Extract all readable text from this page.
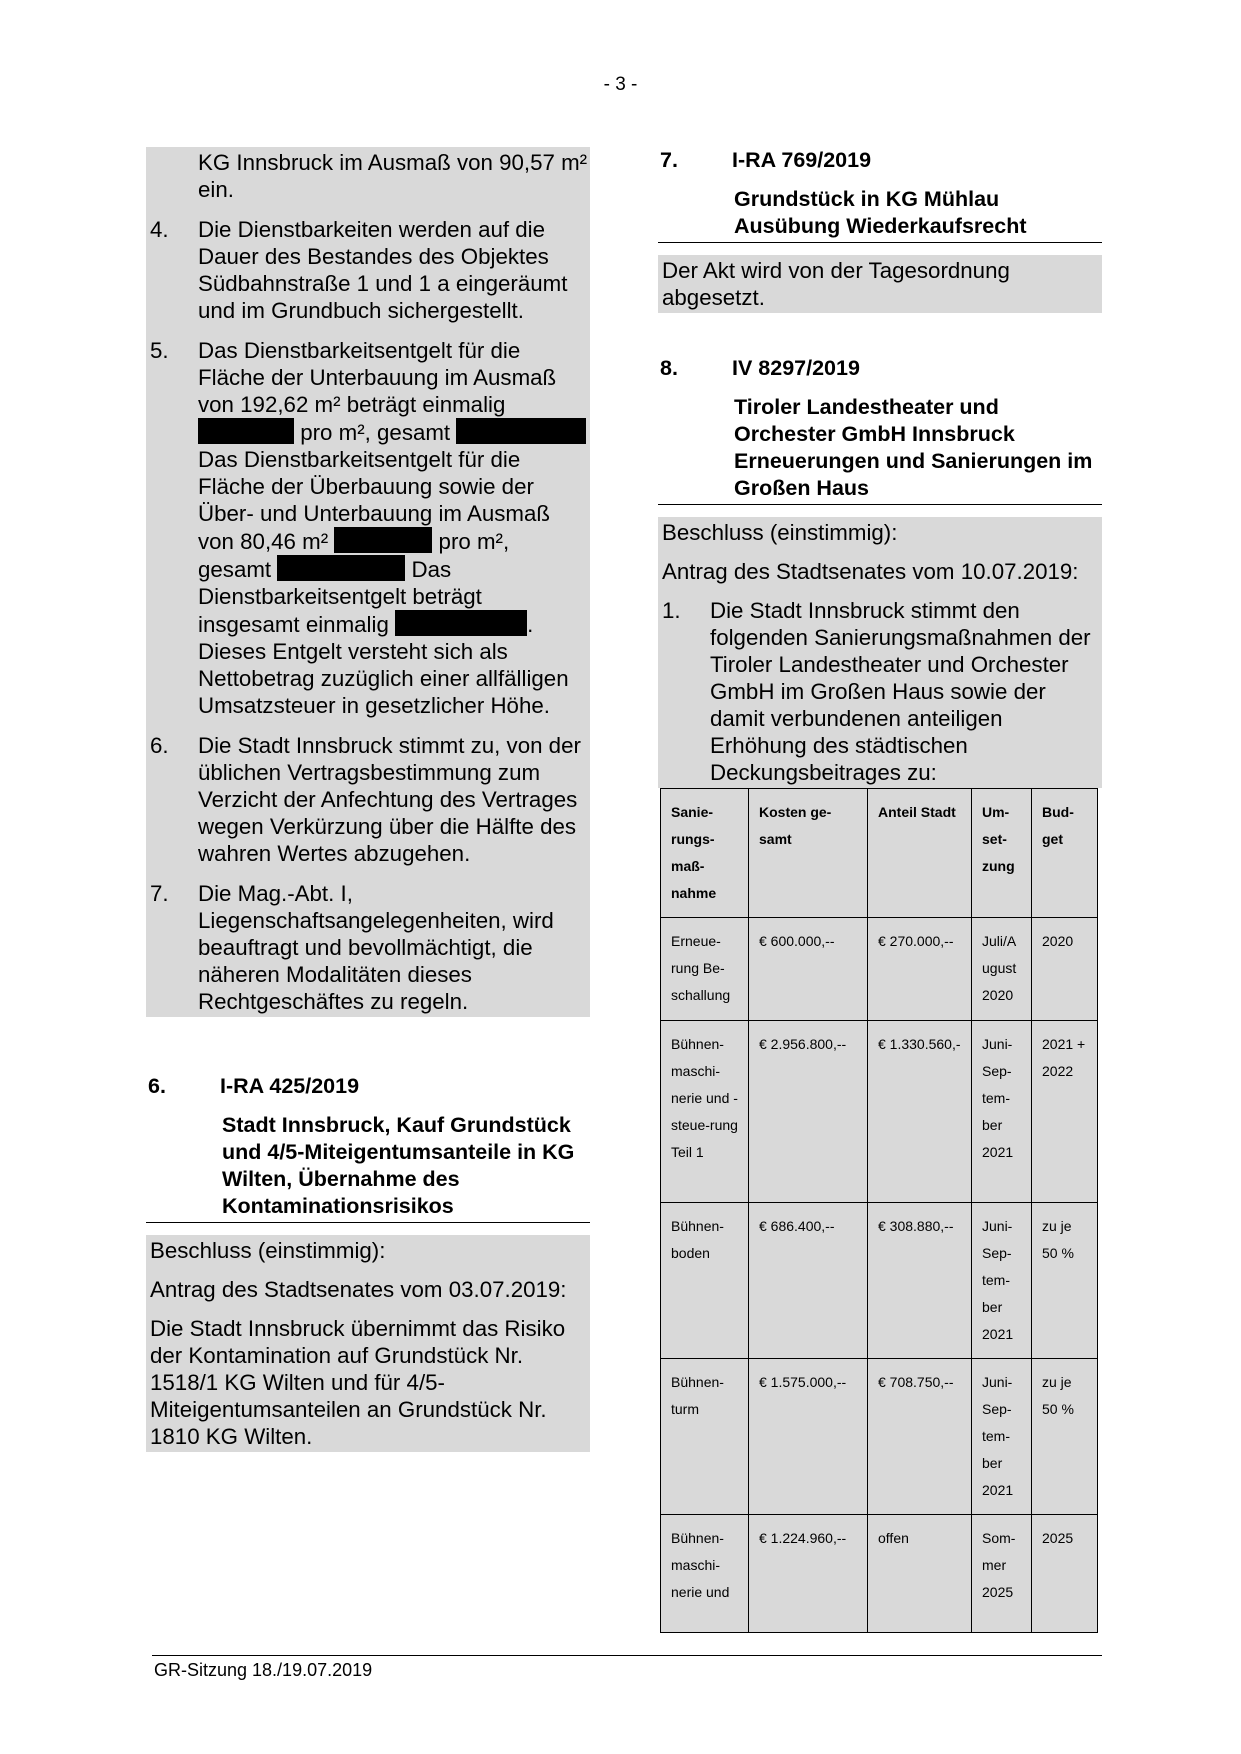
- 3 -
KG Innsbruck im Ausmaß von 90,57 m² ein.
4.	Die Dienstbarkeiten werden auf die Dauer des Bestandes des Objektes Südbahnstraße 1 und 1 a eingeräumt und im Grundbuch sichergestellt.
5.	Das Dienstbarkeitsentgelt für die Fläche der Unterbauung im Ausmaß von 192,62 m² beträgt einmalig  pro m², gesamt  Das Dienstbarkeitsentgelt für die Fläche der Überbauung sowie der Über- und Unterbauung im Ausmaß von 80,46 m²	pro m², gesamt	Das Dienstbarkeitsentgelt beträgt insgesamt einmalig	. Dieses Entgelt versteht sich als Nettobetrag zuzüglich einer allfälligen Umsatzsteuer in gesetzlicher Höhe.
6.	Die Stadt Innsbruck stimmt zu, von der üblichen Vertragsbestimmung zum Verzicht der Anfechtung des Vertrages wegen Verkürzung über die Hälfte des wahren Wertes abzugehen.
7.	Die Mag.-Abt. I, Liegenschaftsangelegenheiten, wird beauftragt und bevollmächtigt, die näheren Modalitäten dieses Rechtgeschäftes zu regeln.
6.	I-RA 425/2019
Stadt Innsbruck, Kauf Grundstück und 4/5-Miteigentumsanteile in KG Wilten, Übernahme des Kontaminationsrisikos
Beschluss (einstimmig):
Antrag des Stadtsenates vom 03.07.2019:
Die Stadt Innsbruck übernimmt das Risiko der Kontamination auf Grundstück Nr. 1518/1 KG Wilten und für 4/5-Miteigentumsanteilen an Grundstück Nr. 1810 KG Wilten.
7.	I-RA 769/2019
Grundstück in KG Mühlau Ausübung Wiederkaufsrecht
Der Akt wird von der Tagesordnung abgesetzt.
8.	IV 8297/2019
Tiroler Landestheater und Orchester GmbH Innsbruck Erneuerungen und Sanierungen im Großen Haus
Beschluss (einstimmig):
Antrag des Stadtsenates vom 10.07.2019:
1.	Die Stadt Innsbruck stimmt den folgenden Sanierungsmaßnahmen der Tiroler Landestheater und Orchester GmbH im Großen Haus sowie der damit verbundenen anteiligen Erhöhung des städtischen Deckungsbeitrages zu:
Sanie-rungs-maß-nahme	Kosten ge-samt	Anteil Stadt	Um-set-zung	Bud-get
Erneue-rung Be-schallung	€ 600.000,--	€ 270.000,--	Juli/A ugust 2020	2020
Bühnen-maschi-nerie und -steue-rung Teil 1	€ 2.956.800,--	€ 1.330.560,-	Juni-Sep-tem-ber 2021	2021 + 2022
Bühnen-boden	€ 686.400,--	€ 308.880,--	Juni-Sep-tem-ber 2021	zu je 50 %
Bühnen-turm	€ 1.575.000,--	€ 708.750,--	Juni-Sep-tem-ber 2021	zu je 50 %
Bühnen-maschi-nerie und	€ 1.224.960,--	offen	Som-mer 2025	2025
GR-Sitzung 18./19.07.2019
